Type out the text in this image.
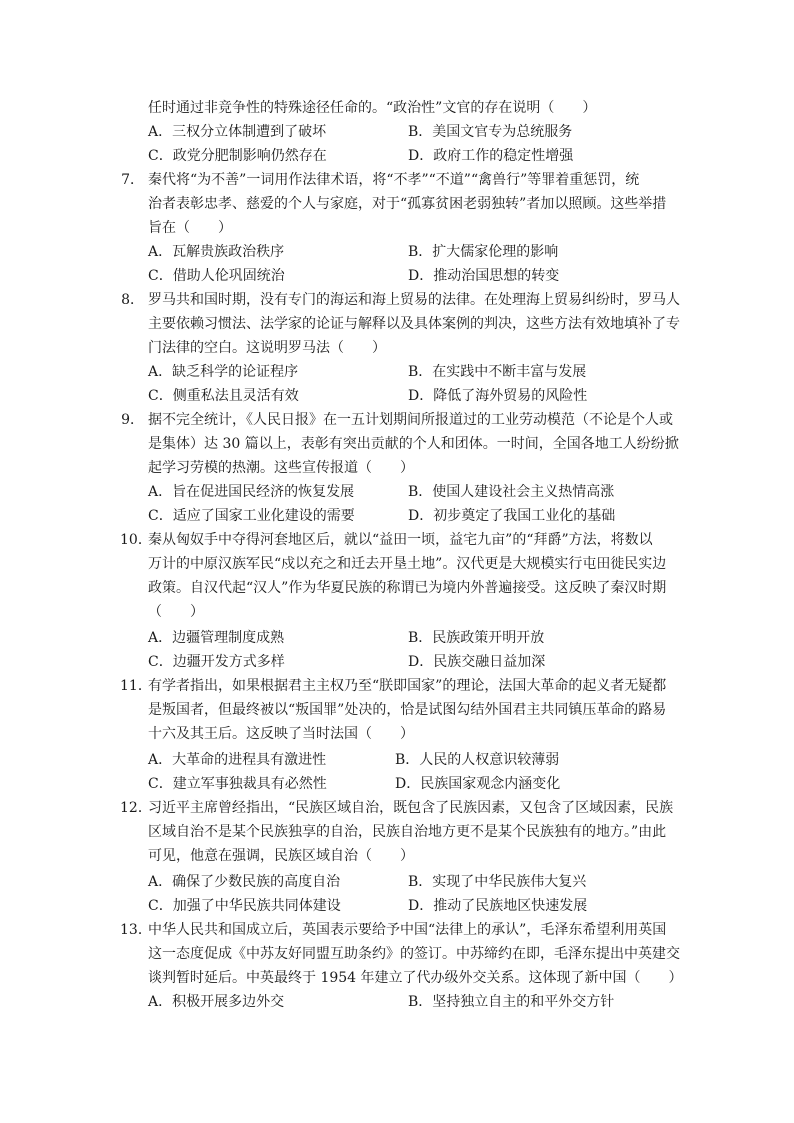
任时通过非竞争性的特殊途径任命的。“政治性”文官的存在说明（　　）
A．三权分立体制遭到了破坏	B．美国文官专为总统服务
C．政党分肥制影响仍然存在	D．政府工作的稳定性增强
7． 秦代将“为不善”一词用作法律术语，将“不孝”“不道”“禽兽行”等罪着重惩罚，统
治者表彰忠孝、慈爱的个人与家庭，对于“孤寡贫困老弱独转”者加以照顾。这些举措
旨在（　　）
A．瓦解贵族政治秩序	B．扩大儒家伦理的影响
C．借助人伦巩固统治	D．推动治国思想的转变
8． 罗马共和国时期，没有专门的海运和海上贸易的法律。在处理海上贸易纠纷时，罗马人
主要依赖习惯法、法学家的论证与解释以及具体案例的判决，这些方法有效地填补了专
门法律的空白。这说明罗马法（　　）
A．缺乏科学的论证程序	B．在实践中不断丰富与发展
C．侧重私法且灵活有效	D．降低了海外贸易的风险性
9． 据不完全统计，《人民日报》在一五计划期间所报道过的工业劳动模范（不论是个人或
是集体）达 30 篇以上，表彰有突出贡献的个人和团体。一时间，全国各地工人纷纷掀
起学习劳模的热潮。这些宣传报道（　　）
A．旨在促进国民经济的恢复发展	B．使国人建设社会主义热情高涨
C．适应了国家工业化建设的需要	D．初步奠定了我国工业化的基础
10．
秦从匈奴手中夺得河套地区后，就以“益田一顷，益宅九亩”的“拜爵”方法，将数以
万计的中原汉族军民“戍以充之和迁去开垦土地”。汉代更是大规模实行屯田徙民实边
政策。自汉代起“汉人”作为华夏民族的称谓已为境内外普遍接受。这反映了秦汉时期
（　　）
A．边疆管理制度成熟	B．民族政策开明开放
C．边疆开发方式多样	D．民族交融日益加深
11．
有学者指出，如果根据君主主权乃至“朕即国家”的理论，法国大革命的起义者无疑都
是叛国者，但最终被以“叛国罪”处决的，恰是试图勾结外国君主共同镇压革命的路易
十六及其王后。这反映了当时法国（　　）
A．大革命的进程具有激进性	B．人民的人权意识较薄弱
C．建立军事独裁具有必然性	D．民族国家观念内涵变化
12．
习近平主席曾经指出，“民族区域自治，既包含了民族因素，又包含了区域因素，民族
区域自治不是某个民族独享的自治，民族自治地方更不是某个民族独有的地方。”由此
可见，他意在强调，民族区域自治（　　）
A．确保了少数民族的高度自治	B．实现了中华民族伟大复兴
C．加强了中华民族共同体建设	D．推动了民族地区快速发展
13．
中华人民共和国成立后，英国表示要给予中国“法律上的承认”，毛泽东希望利用英国
这一态度促成《中苏友好同盟互助条约》的签订。中苏缔约在即，毛泽东提出中英建交
谈判暂时延后。中英最终于 1954 年建立了代办级外交关系。这体现了新中国（　　）
A．积极开展多边外交	B．坚持独立自主的和平外交方针
